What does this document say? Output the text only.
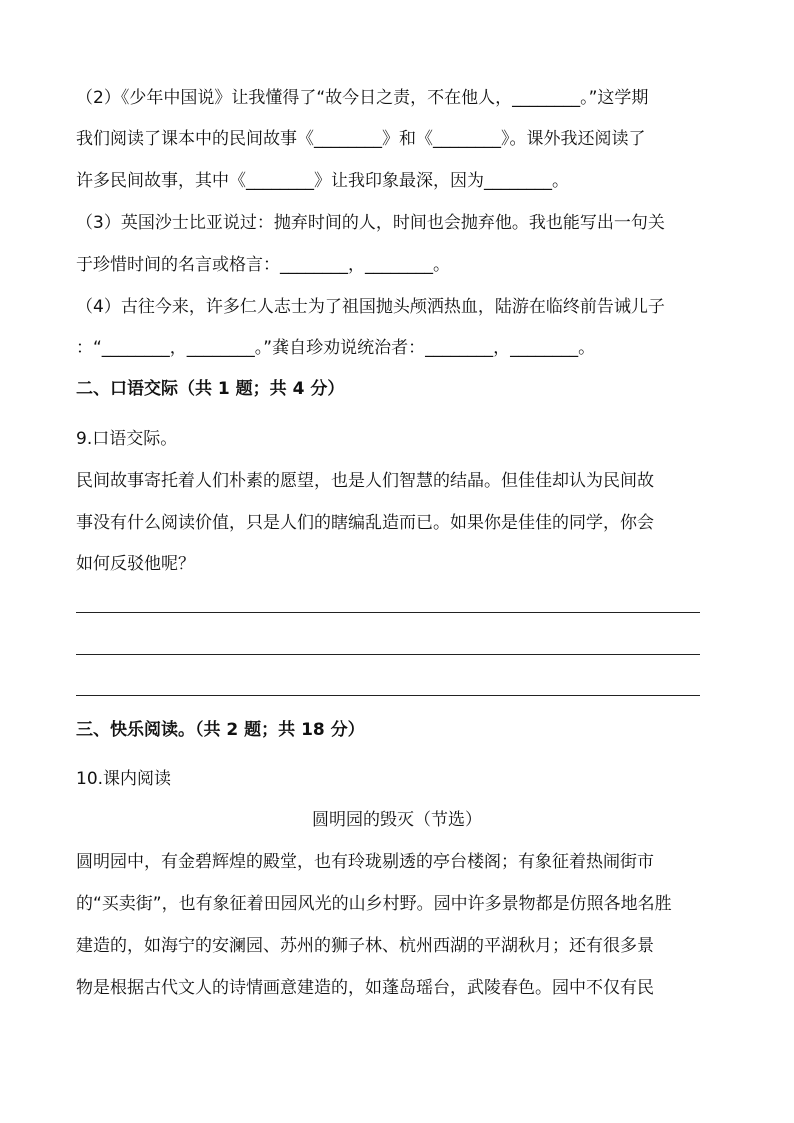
（2）《少年中国说》让我懂得了“故今日之责，不在他人，________。”这学期
我们阅读了课本中的民间故事《________》和《________》。课外我还阅读了
许多民间故事，其中《________》让我印象最深，因为________。
（3）英国沙士比亚说过：抛弃时间的人，时间也会抛弃他。我也能写出一句关
于珍惜时间的名言或格言：________，________。
（4）古往今来，许多仁人志士为了祖国抛头颅洒热血，陆游在临终前告诫儿子
：“________，________。”龚自珍劝说统治者：________，________。
二、口语交际（共 1 题；共 4 分）
9.口语交际。
民间故事寄托着人们朴素的愿望，也是人们智慧的结晶。但佳佳却认为民间故
事没有什么阅读价值，只是人们的瞎编乱造而已。如果你是佳佳的同学，你会
如何反驳他呢？
三、快乐阅读。（共 2 题；共 18 分）
10.课内阅读
圆明园的毁灭（节选）
圆明园中，有金碧辉煌的殿堂，也有玲珑剔透的亭台楼阁；有象征着热闹街市
的“买卖街”，也有象征着田园风光的山乡村野。园中许多景物都是仿照各地名胜
建造的，如海宁的安澜园、苏州的狮子林、杭州西湖的平湖秋月；还有很多景
物是根据古代文人的诗情画意建造的，如蓬岛瑶台，武陵春色。园中不仅有民
